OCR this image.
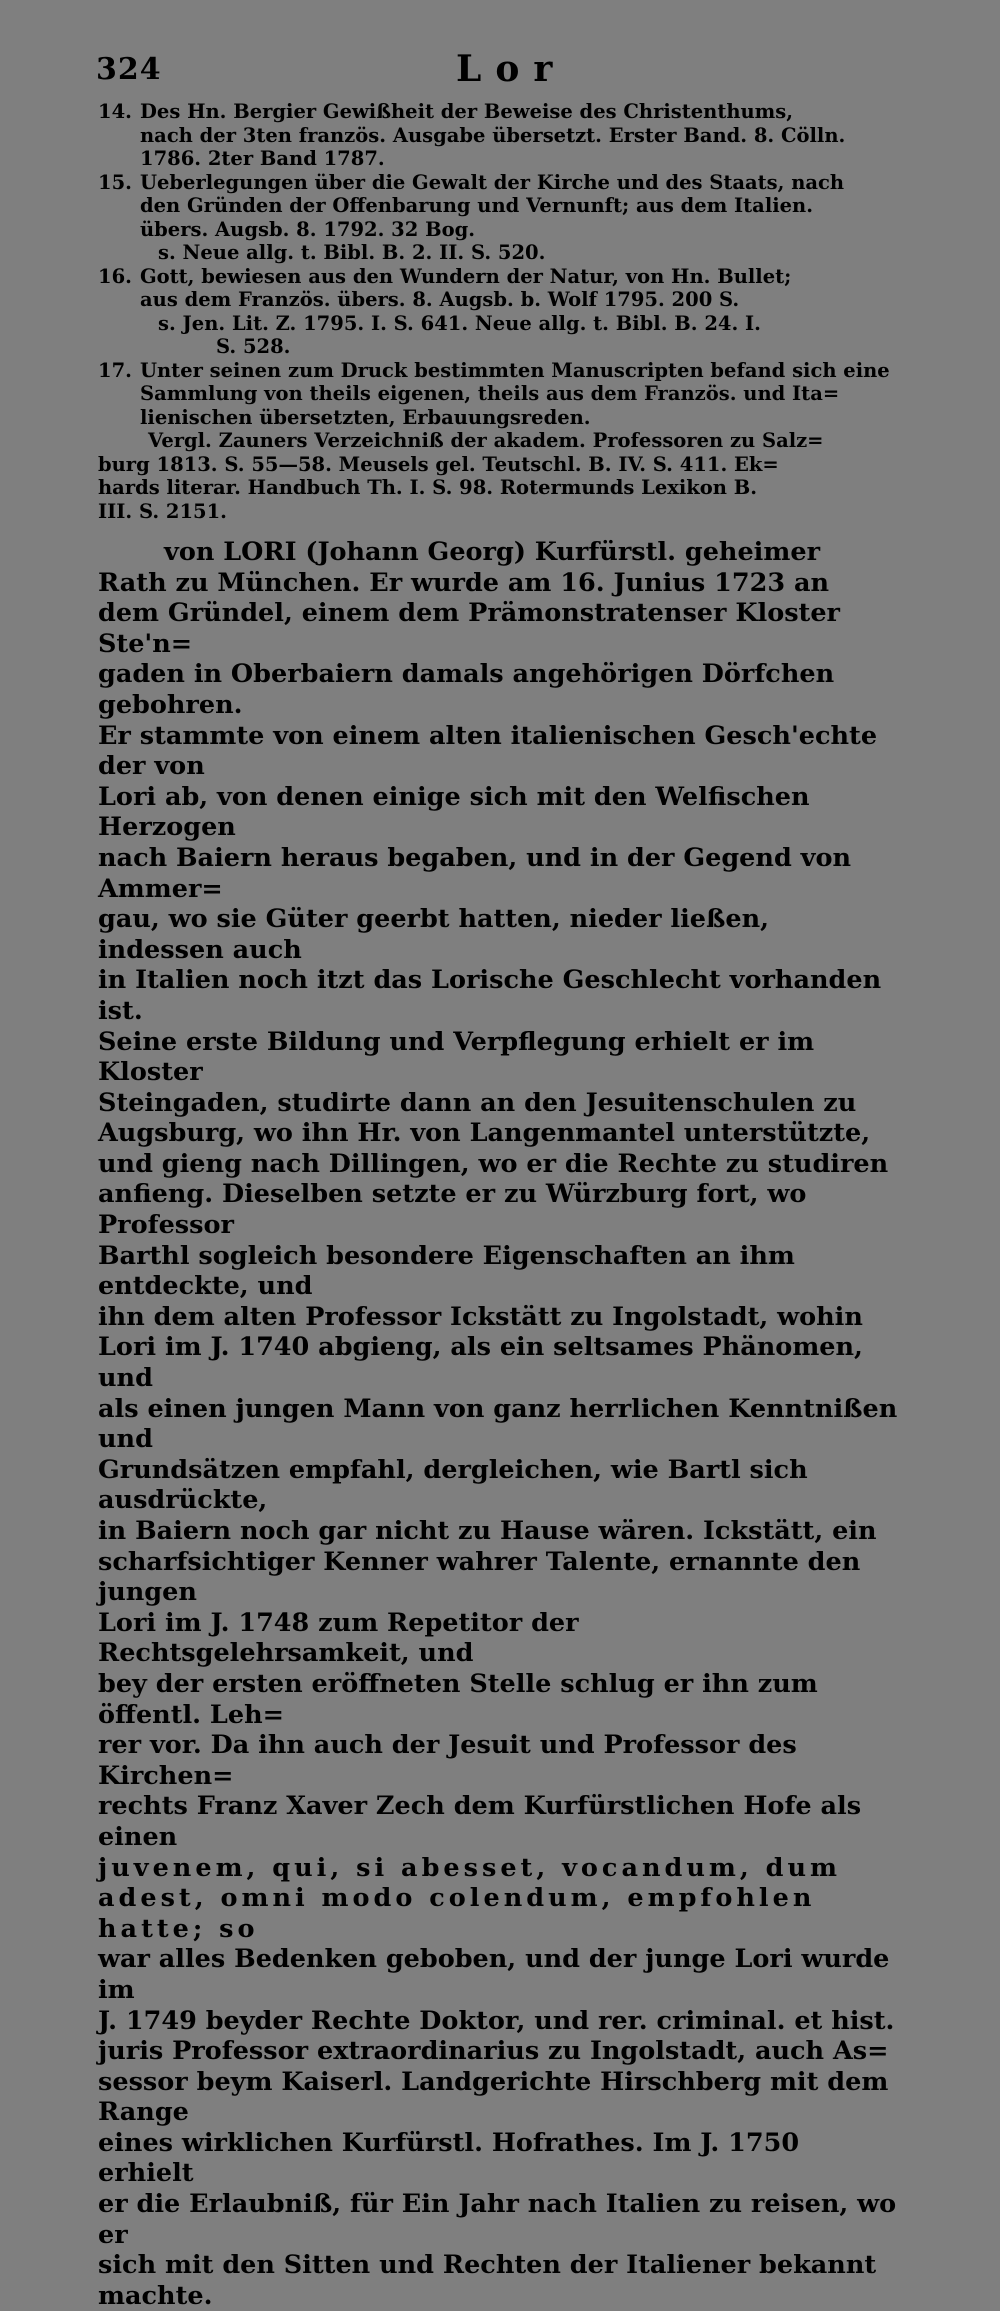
324	Lor
14. Des Hn. Bergier Gewißheit der Beweise des Christenthums,
nach der 3ten französ. Ausgabe übersetzt. Erster Band. 8. Cölln.
1786. 2ter Band 1787.
15. Ueberlegungen über die Gewalt der Kirche und des Staats, nach
den Gründen der Offenbarung und Vernunft; aus dem Italien.
übers. Augsb. 8. 1792. 32 Bog.
s. Neue allg. t. Bibl. B. 2. II. S. 520.
16. Gott, bewiesen aus den Wundern der Natur, von Hn. Bullet;
aus dem Französ. übers. 8. Augsb. b. Wolf 1795. 200 S.
s. Jen. Lit. Z. 1795. I. S. 641. Neue allg. t. Bibl. B. 24. I.
S. 528.
17. Unter seinen zum Druck bestimmten Manuscripten befand sich eine
Sammlung von theils eigenen, theils aus dem Französ. und Ita=
lienischen übersetzten, Erbauungsreden.
Vergl. Zauners Verzeichniß der akadem. Professoren zu Salz=
burg 1813. S. 55—58. Meusels gel. Teutschl. B. IV. S. 411. Ek=
hards literar. Handbuch Th. I. S. 98. Rotermunds Lexikon B.
III. S. 2151.
von LORI (Johann Georg) Kurfürstl. geheimer
Rath zu München. Er wurde am 16. Junius 1723 an
dem Gründel, einem dem Prämonstratenser Kloster Ste'n=
gaden in Oberbaiern damals angehörigen Dörfchen gebohren.
Er stammte von einem alten italienischen Gesch'echte der von
Lori ab, von denen einige sich mit den Welfischen Herzogen
nach Baiern heraus begaben, und in der Gegend von Ammer=
gau, wo sie Güter geerbt hatten, nieder ließen, indessen auch
in Italien noch itzt das Lorische Geschlecht vorhanden ist.
Seine erste Bildung und Verpflegung erhielt er im Kloster
Steingaden, studirte dann an den Jesuitenschulen zu
Augsburg, wo ihn Hr. von Langenmantel unterstützte,
und gieng nach Dillingen, wo er die Rechte zu studiren
anfieng. Dieselben setzte er zu Würzburg fort, wo Professor
Barthl sogleich besondere Eigenschaften an ihm entdeckte, und
ihn dem alten Professor Ickstätt zu Ingolstadt, wohin
Lori im J. 1740 abgieng, als ein seltsames Phänomen, und
als einen jungen Mann von ganz herrlichen Kenntnißen und
Grundsätzen empfahl, dergleichen, wie Bartl sich ausdrückte,
in Baiern noch gar nicht zu Hause wären. Ickstätt, ein
scharfsichtiger Kenner wahrer Talente, ernannte den jungen
Lori im J. 1748 zum Repetitor der Rechtsgelehrsamkeit, und
bey der ersten eröffneten Stelle schlug er ihn zum öffentl. Leh=
rer vor. Da ihn auch der Jesuit und Professor des Kirchen=
rechts Franz Xaver Zech dem Kurfürstlichen Hofe als einen
juvenem, qui, si abesset, vocandum, dum
adest, omni modo colendum, empfohlen hatte; so
war alles Bedenken geboben, und der junge Lori wurde im
J. 1749 beyder Rechte Doktor, und rer. criminal. et hist.
juris Professor extraordinarius zu Ingolstadt, auch As=
sessor beym Kaiserl. Landgerichte Hirschberg mit dem Range
eines wirklichen Kurfürstl. Hofrathes. Im J. 1750 erhielt
er die Erlaubniß, für Ein Jahr nach Italien zu reisen, wo er
sich mit den Sitten und Rechten der Italiener bekannt machte.
